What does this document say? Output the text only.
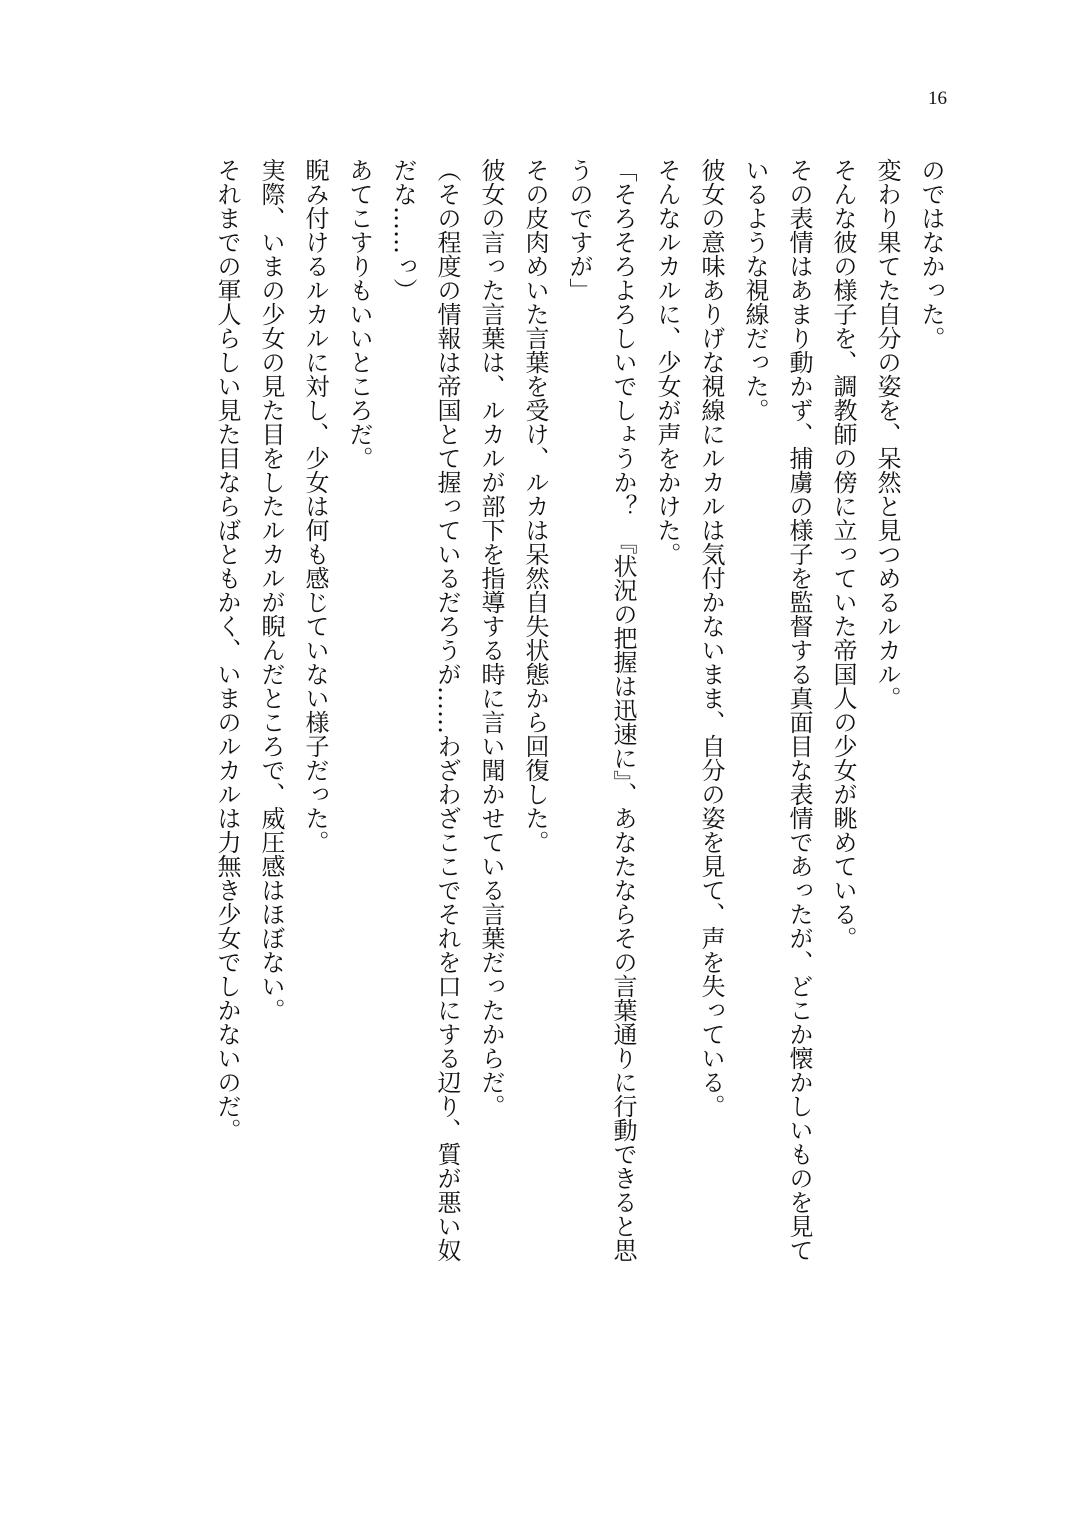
16

のではなかった。

変わり果てた自分の姿を、呆然と見つめるルカル。

そんな彼の様子を、調教師の傍に立っていた帝国人の少女が眺めている。

その表情はあまり動かず、捕虜の様子を監督する真面目な表情であったが、どこか懐かしいものを見ているような視線だった。

彼女の意味ありげな視線にルカルは気付かないまま、自分の姿を見て、声を失っている。

そんなルカルに、少女が声をかけた。

「そろそろよろしいでしょうか？　『状況の把握は迅速に』、あなたならその言葉通りに行動できると思うのですが」

その皮肉めいた言葉を受け、ルカは呆然自失状態から回復した。

彼女の言った言葉は、ルカルが部下を指導する時に言い聞かせている言葉だったからだ。

（その程度の情報は帝国とて握っているだろうが……わざわざここでそれを口にする辺り、質が悪い奴だな……っ）

あてこすりもいいところだ。

睨み付けるルカルに対し、少女は何も感じていない様子だった。

実際、いまの少女の見た目をしたルカルが睨んだところで、威圧感はほぼない。

それまでの軍人らしい見た目ならばともかく、いまのルカルは力無き少女でしかないのだ。
